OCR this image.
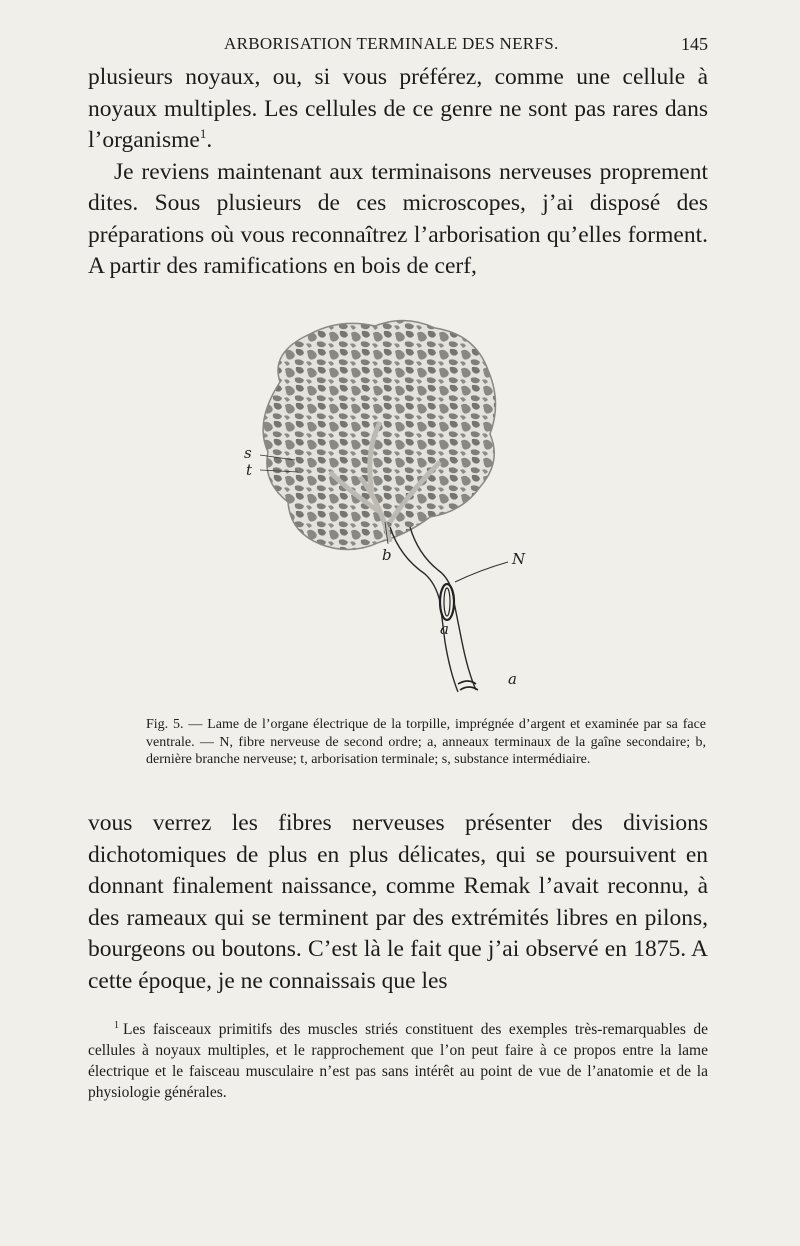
ARBORISATION TERMINALE DES NERFS.	145

plusieurs noyaux, ou, si vous préférez, comme une cellule à noyaux multiples. Les cellules de ce genre ne sont pas rares dans l’organisme$^1$.

Je reviens maintenant aux terminaisons nerveuses proprement dites. Sous plusieurs de ces microscopes, j’ai disposé des préparations où vous reconnaîtrez l’arborisation qu’elles forment. A partir des ramifications en bois de cerf,

s
t
b	N
a
a
Fig. 5. — Lame de l’organe électrique de la torpille, imprégnée d’argent et examinée par sa face ventrale. — N, fibre nerveuse de second ordre; a, anneaux terminaux de la gaîne secondaire; b, dernière branche nerveuse; t, arborisation terminale; s, substance intermédiaire.

vous verrez les fibres nerveuses présenter des divisions dichotomiques de plus en plus délicates, qui se poursuivent en donnant finalement naissance, comme Remak l’avait reconnu, à des rameaux qui se terminent par des extrémités libres en pilons, bourgeons ou boutons. C’est là le fait que j’ai observé en 1875. A cette époque, je ne connaissais que les

$^1$ Les faisceaux primitifs des muscles striés constituent des exemples très-remarquables de cellules à noyaux multiples, et le rapprochement que l’on peut faire à ce propos entre la lame électrique et le faisceau musculaire n’est pas sans intérêt au point de vue de l’anatomie et de la physiologie générales.
